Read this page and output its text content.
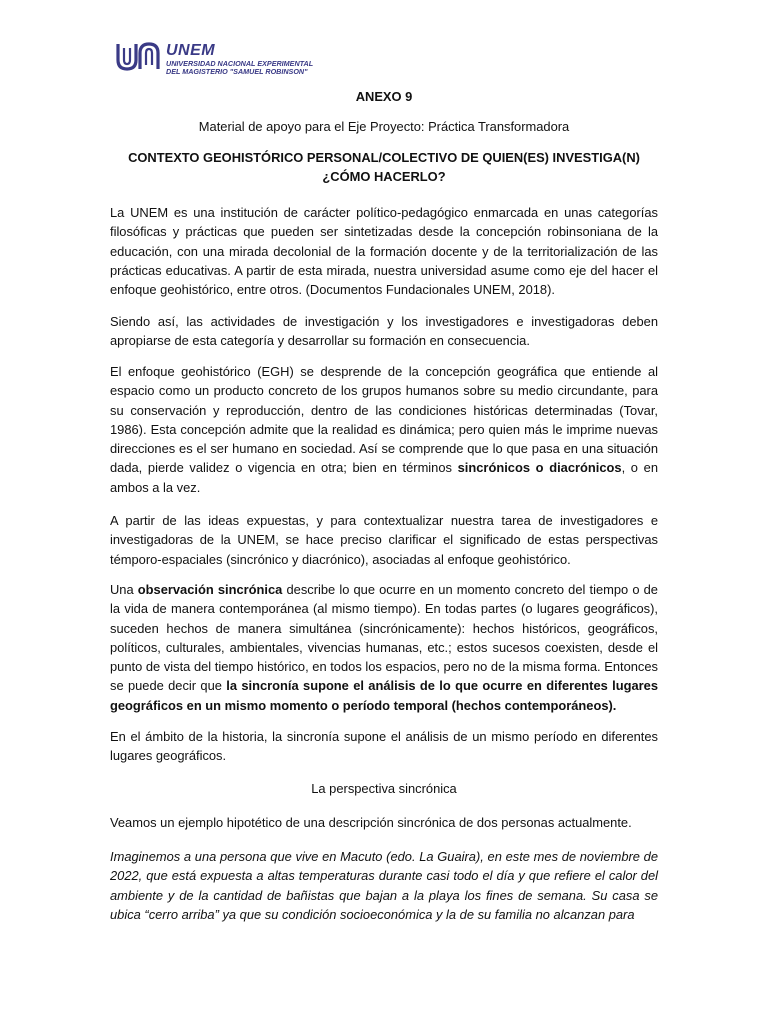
UNEM
UNIVERSIDAD NACIONAL EXPERIMENTAL
DEL MAGISTERIO "SAMUEL ROBINSON"
ANEXO 9
Material de apoyo para el Eje Proyecto: Práctica Transformadora
CONTEXTO GEOHISTÓRICO PERSONAL/COLECTIVO DE QUIEN(ES) INVESTIGA(N)
¿CÓMO HACERLO?

La UNEM es una institución de carácter político-pedagógico enmarcada en unas categorías filosóficas y prácticas que pueden ser sintetizadas desde la concepción robinsoniana de la educación, con una mirada decolonial de la formación docente y de la territorialización de las prácticas educativas. A partir de esta mirada, nuestra universidad asume como eje del hacer el enfoque geohistórico, entre otros. (Documentos Fundacionales UNEM, 2018).

Siendo así, las actividades de investigación y los investigadores e investigadoras deben apropiarse de esta categoría y desarrollar su formación en consecuencia.

El enfoque geohistórico (EGH) se desprende de la concepción geográfica que entiende al espacio como un producto concreto de los grupos humanos sobre su medio circundante, para su conservación y reproducción, dentro de las condiciones históricas determinadas (Tovar, 1986). Esta concepción admite que la realidad es dinámica; pero quien más le imprime nuevas direcciones es el ser humano en sociedad. Así se comprende que lo que pasa en una situación dada, pierde validez o vigencia en otra; bien en términos sincrónicos o diacrónicos, o en ambos a la vez.

A partir de las ideas expuestas, y para contextualizar nuestra tarea de investigadores e investigadoras de la UNEM, se hace preciso clarificar el significado de estas perspectivas témporo-espaciales (sincrónico y diacrónico), asociadas al enfoque geohistórico.

Una observación sincrónica describe lo que ocurre en un momento concreto del tiempo o de la vida de manera contemporánea (al mismo tiempo). En todas partes (o lugares geográficos), suceden hechos de manera simultánea (sincrónicamente): hechos históricos, geográficos, políticos, culturales, ambientales, vivencias humanas, etc.; estos sucesos coexisten, desde el punto de vista del tiempo histórico, en todos los espacios, pero no de la misma forma. Entonces se puede decir que la sincronía supone el análisis de lo que ocurre en diferentes lugares geográficos en un mismo momento o período temporal (hechos contemporáneos).

En el ámbito de la historia, la sincronía supone el análisis de un mismo período en diferentes lugares geográficos.

La perspectiva sincrónica

Veamos un ejemplo hipotético de una descripción sincrónica de dos personas actualmente.

Imaginemos a una persona que vive en Macuto (edo. La Guaira), en este mes de noviembre de 2022, que está expuesta a altas temperaturas durante casi todo el día y que refiere el calor del ambiente y de la cantidad de bañistas que bajan a la playa los fines de semana. Su casa se ubica “cerro arriba” ya que su condición socioeconómica y la de su familia no alcanzan para
